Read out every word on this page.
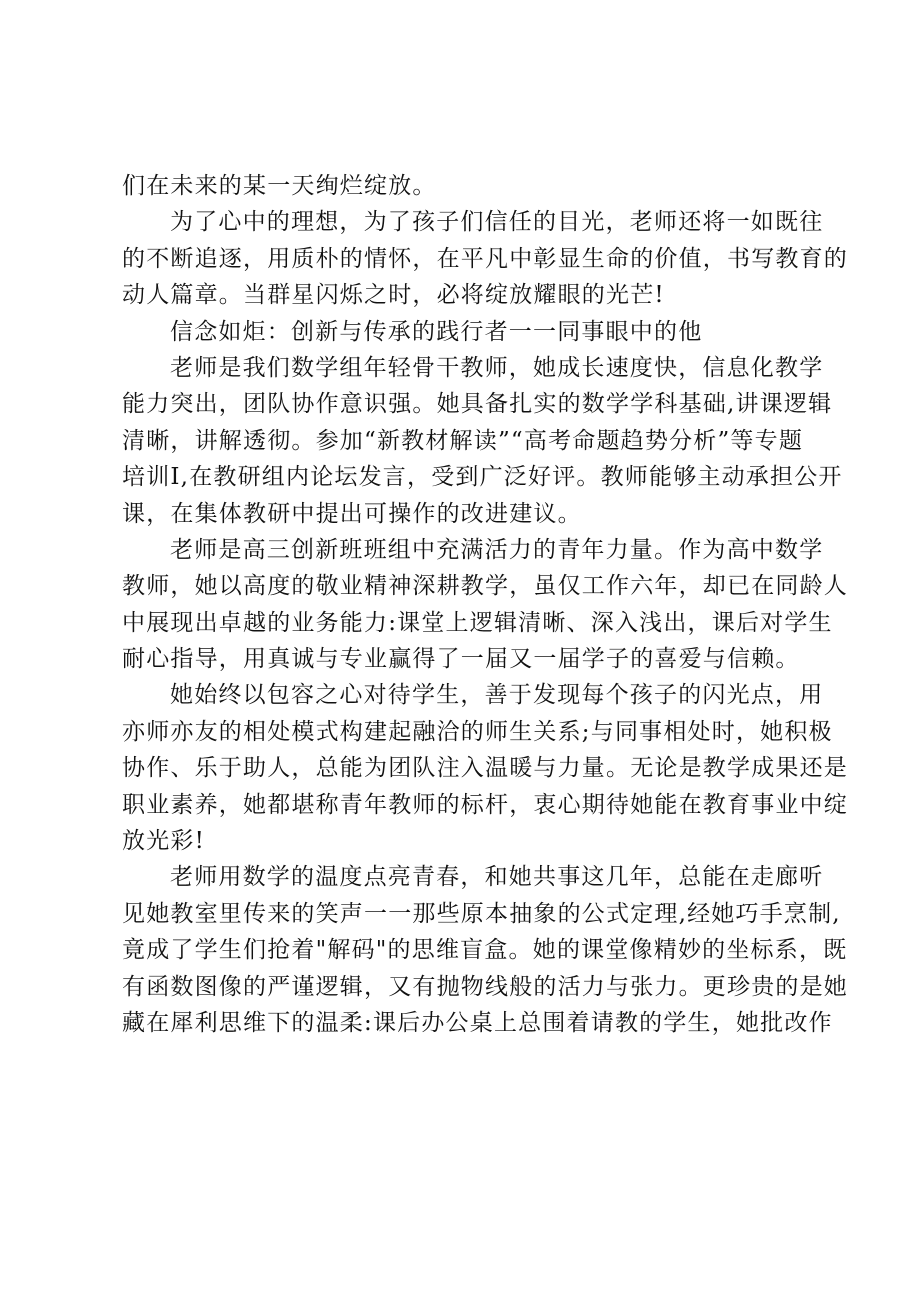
们在未来的某一天绚烂绽放。
为了心中的理想，为了孩子们信任的目光，老师还将一如既往
的不断追逐，用质朴的情怀，在平凡中彰显生命的价值，书写教育的
动人篇章。当群星闪烁之时，必将绽放耀眼的光芒!
信念如炬：创新与传承的践行者一一同事眼中的他
老师是我们数学组年轻骨干教师，她成长速度快，信息化教学
能力突出，团队协作意识强。她具备扎实的数学学科基础,讲课逻辑
清晰，讲解透彻。参加“新教材解读”“高考命题趋势分析”等专题
培训I,在教研组内论坛发言，受到广泛好评。教师能够主动承担公开
课，在集体教研中提出可操作的改进建议。
老师是高三创新班班组中充满活力的青年力量。作为高中数学
教师，她以高度的敬业精神深耕教学，虽仅工作六年，却已在同龄人
中展现出卓越的业务能力:课堂上逻辑清晰、深入浅出，课后对学生
耐心指导，用真诚与专业赢得了一届又一届学子的喜爱与信赖。
她始终以包容之心对待学生，善于发现每个孩子的闪光点，用
亦师亦友的相处模式构建起融洽的师生关系;与同事相处时，她积极
协作、乐于助人，总能为团队注入温暖与力量。无论是教学成果还是
职业素养，她都堪称青年教师的标杆，衷心期待她能在教育事业中绽
放光彩!
老师用数学的温度点亮青春，和她共事这几年，总能在走廊听
见她教室里传来的笑声一一那些原本抽象的公式定理,经她巧手烹制,
竟成了学生们抢着"解码"的思维盲盒。她的课堂像精妙的坐标系，既
有函数图像的严谨逻辑，又有抛物线般的活力与张力。更珍贵的是她
藏在犀利思维下的温柔:课后办公桌上总围着请教的学生，她批改作
